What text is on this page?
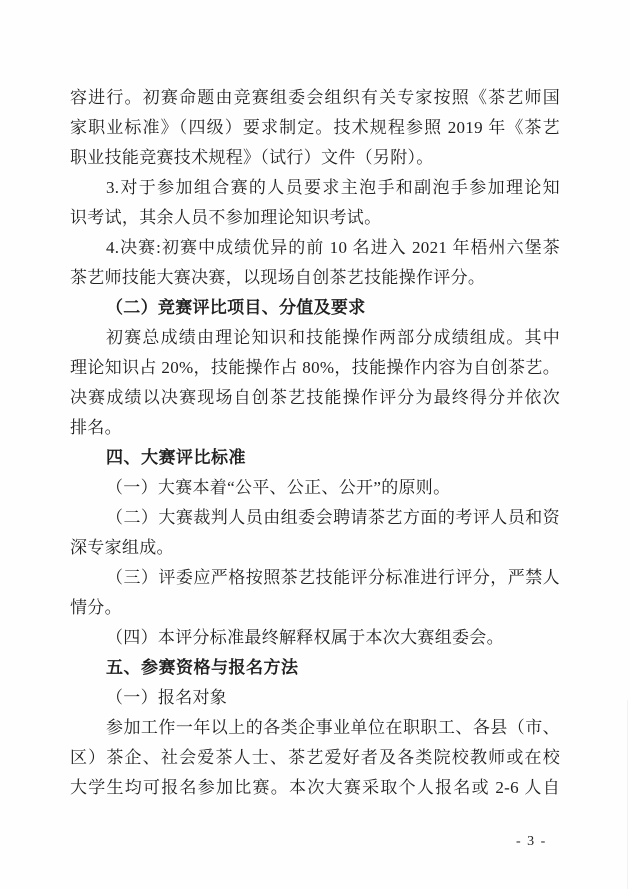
容进行。初赛命题由竞赛组委会组织有关专家按照《茶艺师国
家职业标准》（四级）要求制定。技术规程参照 2019 年《茶艺
职业技能竞赛技术规程》（试行）文件（另附）。
3.对于参加组合赛的人员要求主泡手和副泡手参加理论知
识考试，其余人员不参加理论知识考试。
4.决赛:初赛中成绩优异的前 10 名进入 2021 年梧州六堡茶
茶艺师技能大赛决赛，以现场自创茶艺技能操作评分。
（二）竞赛评比项目、分值及要求
初赛总成绩由理论知识和技能操作两部分成绩组成。其中
理论知识占 20%，技能操作占 80%，技能操作内容为自创茶艺。
决赛成绩以决赛现场自创茶艺技能操作评分为最终得分并依次
排名。
四、大赛评比标准
（一）大赛本着“公平、公正、公开”的原则。
（二）大赛裁判人员由组委会聘请茶艺方面的考评人员和资
深专家组成。
（三）评委应严格按照茶艺技能评分标准进行评分，严禁人
情分。
（四）本评分标准最终解释权属于本次大赛组委会。
五、参赛资格与报名方法
（一）报名对象
参加工作一年以上的各类企事业单位在职职工、各县（市、
区）茶企、社会爱茶人士、茶艺爱好者及各类院校教师或在校
大学生均可报名参加比赛。本次大赛采取个人报名或 2-6 人自
- 3 -
